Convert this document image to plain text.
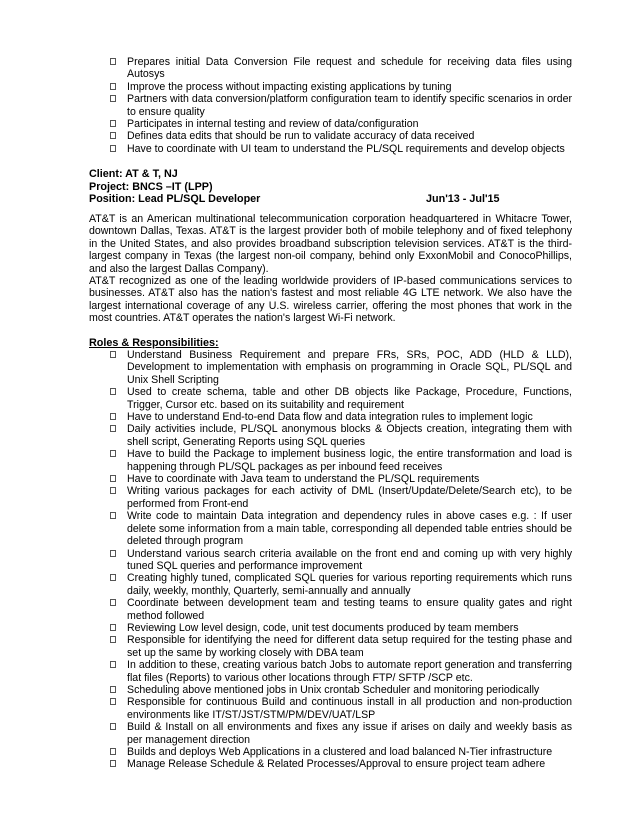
Prepares initial Data Conversion File request and schedule for receiving data files using Autosys
Improve the process without impacting existing applications by tuning
Partners with data conversion/platform configuration team to identify specific scenarios in order to ensure quality
Participates in internal testing and review of data/configuration
Defines data edits that should be run to validate accuracy of data received
Have to coordinate with UI team to understand the PL/SQL requirements and develop objects
Client: AT & T, NJ
Project: BNCS –IT (LPP)
Position: Lead PL/SQL Developer	Jun'13 - Jul'15

AT&T is an American multinational telecommunication corporation headquartered in Whitacre Tower, downtown Dallas, Texas. AT&T is the largest provider both of mobile telephony and of fixed telephony in the United States, and also provides broadband subscription television services. AT&T is the third-largest company in Texas (the largest non-oil company, behind only ExxonMobil and ConocoPhillips, and also the largest Dallas Company).

AT&T recognized as one of the leading worldwide providers of IP-based communications services to businesses. AT&T also has the nation's fastest and most reliable 4G LTE network. We also have the largest international coverage of any U.S. wireless carrier, offering the most phones that work in the most countries. AT&T operates the nation's largest Wi-Fi network.

Roles & Responsibilities:
Understand Business Requirement and prepare FRs, SRs, POC, ADD (HLD & LLD), Development to implementation with emphasis on programming in Oracle SQL, PL/SQL and Unix Shell Scripting
Used to create schema, table and other DB objects like Package, Procedure, Functions, Trigger, Cursor etc. based on its suitability and requirement
Have to understand End-to-end Data flow and data integration rules to implement logic
Daily activities include, PL/SQL anonymous blocks & Objects creation, integrating them with shell script, Generating Reports using SQL queries
Have to build the Package to implement business logic, the entire transformation and load is happening through PL/SQL packages as per inbound feed receives
Have to coordinate with Java team to understand the PL/SQL requirements
Writing various packages for each activity of DML (Insert/Update/Delete/Search etc), to be performed from Front-end
Write code to maintain Data integration and dependency rules in above cases e.g. : If user delete some information from a main table, corresponding all depended table entries should be deleted through program
Understand various search criteria available on the front end and coming up with very highly tuned SQL queries and performance improvement
Creating highly tuned, complicated SQL queries for various reporting requirements which runs daily, weekly, monthly, Quarterly, semi-annually and annually
Coordinate between development team and testing teams to ensure quality gates and right method followed
Reviewing Low level design, code, unit test documents produced by team members
Responsible for identifying the need for different data setup required for the testing phase and set up the same by working closely with DBA team
In addition to these, creating various batch Jobs to automate report generation and transferring flat files (Reports) to various other locations through FTP/ SFTP /SCP etc.
Scheduling above mentioned jobs in Unix crontab Scheduler and monitoring periodically
Responsible for continuous Build and continuous install in all production and non-production environments like IT/ST/JST/STM/PM/DEV/UAT/LSP
Build & Install on all environments and fixes any issue if arises on daily and weekly basis as per management direction
Builds and deploys Web Applications in a clustered and load balanced N-Tier infrastructure
Manage Release Schedule & Related Processes/Approval to ensure project team adhere
